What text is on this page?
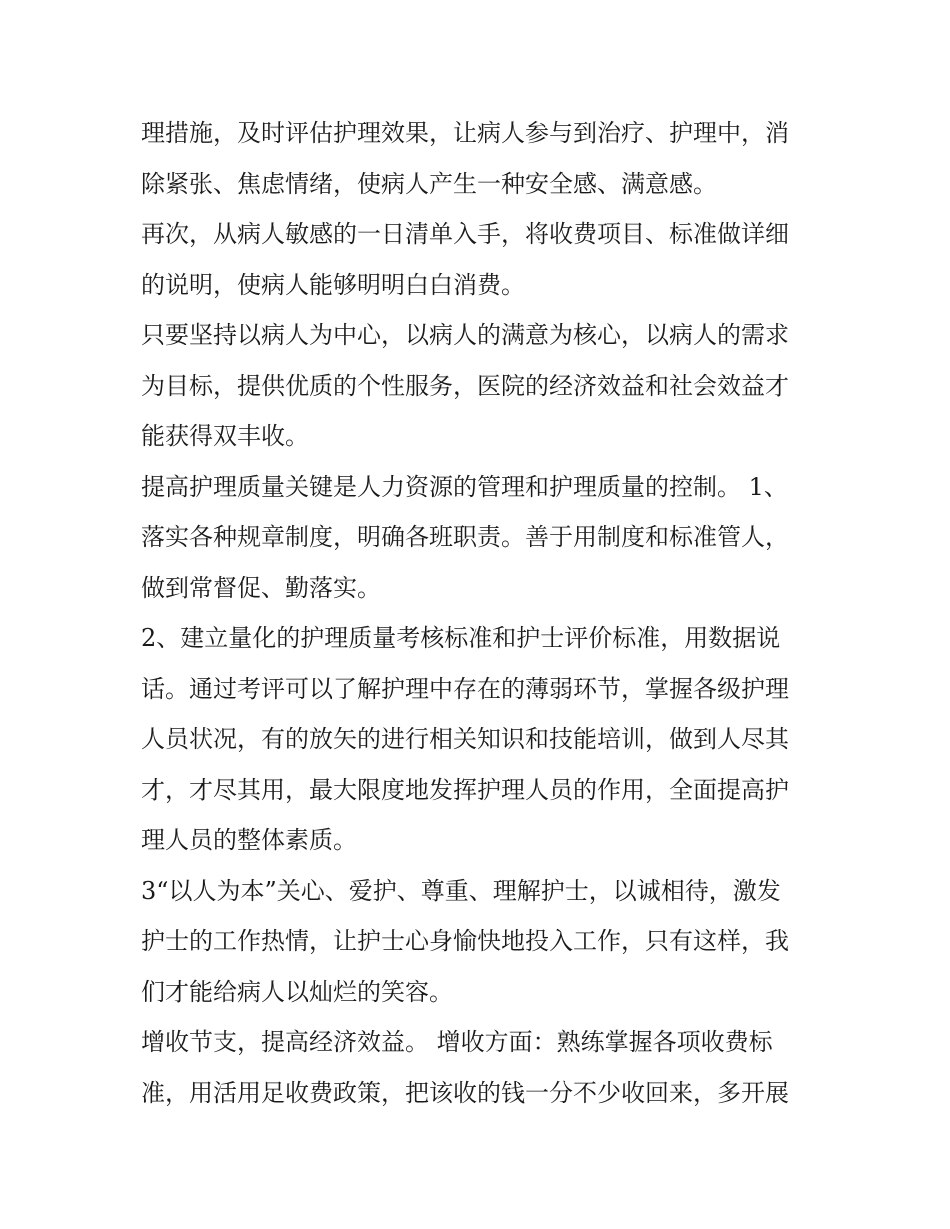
理措施，及时评估护理效果，让病人参与到治疗、护理中，消
除紧张、焦虑情绪，使病人产生一种安全感、满意感。
再次，从病人敏感的一日清单入手，将收费项目、标准做详细
的说明，使病人能够明明白白消费。
只要坚持以病人为中心，以病人的满意为核心，以病人的需求
为目标，提供优质的个性服务，医院的经济效益和社会效益才
能获得双丰收。
提高护理质量关键是人力资源的管理和护理质量的控制。 1、
落实各种规章制度，明确各班职责。善于用制度和标准管人，
做到常督促、勤落实。
2、建立量化的护理质量考核标准和护士评价标准，用数据说
话。通过考评可以了解护理中存在的薄弱环节，掌握各级护理
人员状况，有的放矢的进行相关知识和技能培训，做到人尽其
才，才尽其用，最大限度地发挥护理人员的作用，全面提高护
理人员的整体素质。
3“以人为本”关心、爱护、尊重、理解护士，以诚相待，激发
护士的工作热情，让护士心身愉快地投入工作，只有这样，我
们才能给病人以灿烂的笑容。
增收节支，提高经济效益。 增收方面：熟练掌握各项收费标
准，用活用足收费政策，把该收的钱一分不少收回来，多开展
